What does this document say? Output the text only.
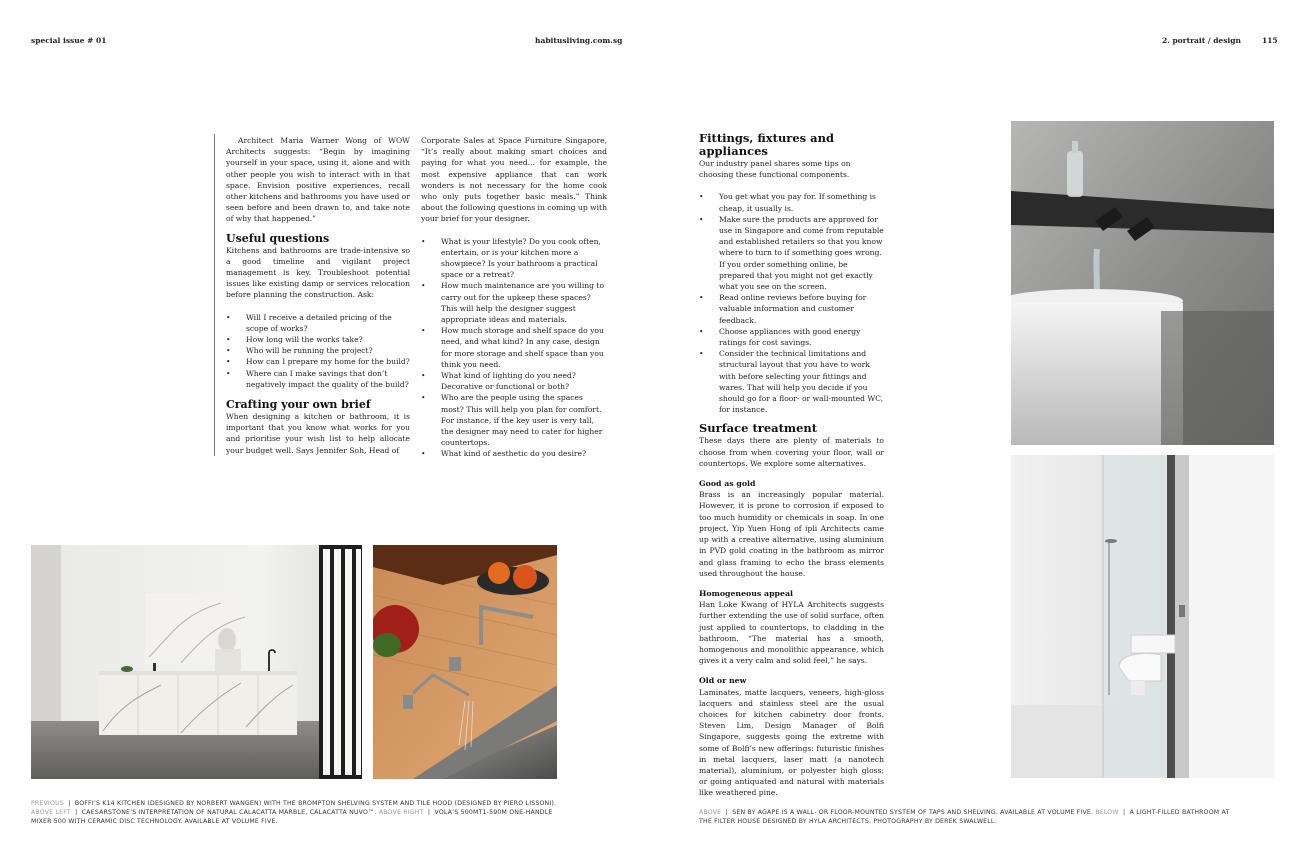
special issue # 01	habitusliving.com.sg	2. portrait / design	115

Architect Maria Warner Wong of WOW Architects suggests: “Begin by imagining yourself in your space, using it, alone and with other people you wish to interact with in that space. Envision positive experiences, recall other kitchens and bathrooms you have used or seen before and been drawn to, and take note of why that happened.”

Useful questions

Kitchens and bathrooms are trade-intensive so a good timeline and vigilant project management is key. Troubleshoot potential issues like existing damp or services relocation before planning the construction. Ask:

• Will I receive a detailed pricing of the scope of works?
• How long will the works take?
• Who will be running the project?
• How can I prepare my home for the build?
• Where can I make savings that don’t negatively impact the quality of the build?
Crafting your own brief

When designing a kitchen or bathroom, it is important that you know what works for you and prioritise your wish list to help allocate your budget well. Says Jennifer Soh, Head of

Corporate Sales at Space Furniture Singapore, “It’s really about making smart choices and paying for what you need... for example, the most expensive appliance that can work wonders is not necessary for the home cook who only puts together basic meals.” Think about the following questions in coming up with your brief for your designer.

• What is your lifestyle? Do you cook often, entertain, or is your kitchen more a showpiece? Is your bathroom a practical space or a retreat?
• How much maintenance are you willing to carry out for the upkeep these spaces? This will help the designer suggest appropriate ideas and materials.
• How much storage and shelf space do you need, and what kind? In any case, design for more storage and shelf space than you think you need.
• What kind of lighting do you need? Decorative or functional or both?
• Who are the people using the spaces most? This will help you plan for comfort. For instance, if the key user is very tall, the designer may need to cater for higher countertops.
• What kind of aesthetic do you desire?
Fittings, fixtures and appliances

Our industry panel shares some tips on choosing these functional components.

• You get what you pay for. If something is cheap, it usually is.
• Make sure the products are approved for use in Singapore and come from reputable and established retailers so that you know where to turn to if something goes wrong. If you order something online, be prepared that you might not get exactly what you see on the screen.
• Read online reviews before buying for valuable information and customer feedback.
• Choose appliances with good energy ratings for cost savings.
• Consider the technical limitations and structural layout that you have to work with before selecting your fittings and wares. That will help you decide if you should go for a floor- or wall-mounted WC, for instance.
Surface treatment

These days there are plenty of materials to choose from when covering your floor, wall or countertops. We explore some alternatives.

Good as gold

Brass is an increasingly popular material. However, it is prone to corrosion if exposed to too much humidity or chemicals in soap. In one project, Yip Yuen Hong of ipli Architects came up with a creative alternative, using aluminium in PVD gold coating in the bathroom as mirror and glass framing to echo the brass elements used throughout the house.

Homogeneous appeal

Han Loke Kwang of HYLA Architects suggests further extending the use of solid surface, often just applied to countertops, to cladding in the bathroom. “The material has a smooth, homogenous and monolithic appearance, which gives it a very calm and solid feel,” he says.

Old or new

Laminates, matte lacquers, veneers, high-gloss lacquers and stainless steel are the usual choices for kitchen cabinetry door fronts. Steven Lim, Design Manager of Bolfi Singapore, suggests going the extreme with some of Bolfi’s new offerings: futuristic finishes in metal lacquers, laser matt (a nanotech material), aluminium, or polyester high gloss; or going antiquated and natural with materials like weathered pine.

PREVIOUS  |  BOFFI’S K14 KITCHEN (DESIGNED BY NORBERT WANGEN) WITH THE BROMPTON SHELVING SYSTEM AND TILE HOOD (DESIGNED BY PIERO LISSONI).
ABOVE LEFT  |  CAESARSTONE’S INTERPRETATION OF NATURAL CALACATTA MARBLE, CALACATTA NUVO™. ABOVE RIGHT  |  VOLA’S 500MT1-590M ONE-HANDLE MIXER 500 WITH CERAMIC DISC TECHNOLOGY. AVAILABLE AT VOLUME FIVE.
ABOVE  |  SEN BY AGAPE IS A WALL- OR FLOOR-MOUNTED SYSTEM OF TAPS AND SHELVING. AVAILABLE AT VOLUME FIVE. BELOW  |  A LIGHT-FILLED BATHROOM AT THE FILTER HOUSE DESIGNED BY HYLA ARCHITECTS. PHOTOGRAPHY BY DEREK SWALWELL.
